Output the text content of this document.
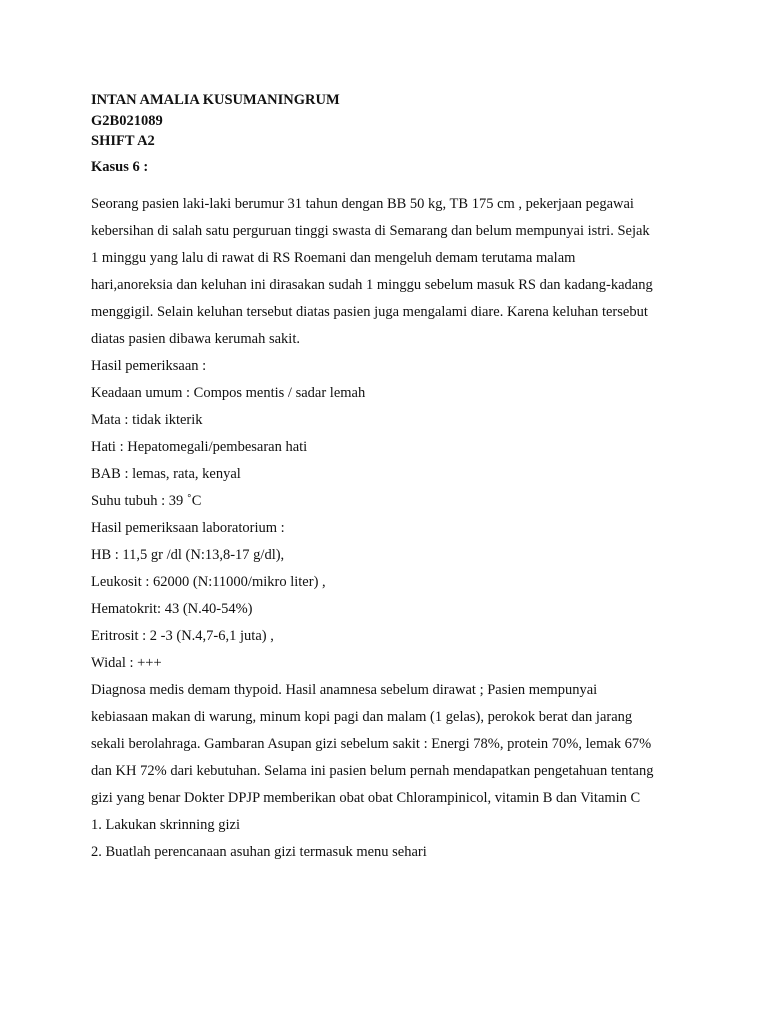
INTAN AMALIA KUSUMANINGRUM
G2B021089
SHIFT A2
Kasus 6 :
Seorang pasien laki-laki berumur 31 tahun dengan BB 50 kg, TB 175 cm , pekerjaan pegawai
kebersihan di salah satu perguruan tinggi swasta di Semarang dan belum mempunyai istri. Sejak
1 minggu yang lalu di rawat di RS Roemani dan mengeluh demam terutama malam
hari,anoreksia dan keluhan ini dirasakan sudah 1 minggu sebelum masuk RS dan kadang-kadang
menggigil. Selain keluhan tersebut diatas pasien juga mengalami diare. Karena keluhan tersebut
diatas pasien dibawa kerumah sakit.
Hasil pemeriksaan :
Keadaan umum : Compos mentis / sadar lemah
Mata : tidak ikterik
Hati : Hepatomegali/pembesaran hati
BAB : lemas, rata, kenyal
Suhu tubuh : 39 ˚C
Hasil pemeriksaan laboratorium :
HB : 11,5 gr /dl (N:13,8-17 g/dl),
Leukosit : 62000 (N:11000/mikro liter) ,
Hematokrit: 43 (N.40-54%)
Eritrosit : 2 -3 (N.4,7-6,1 juta) ,
Widal : +++
Diagnosa medis demam thypoid. Hasil anamnesa sebelum dirawat ; Pasien mempunyai
kebiasaan makan di warung, minum kopi pagi dan malam (1 gelas), perokok berat dan jarang
sekali berolahraga. Gambaran Asupan gizi sebelum sakit : Energi 78%, protein 70%, lemak 67%
dan KH 72% dari kebutuhan. Selama ini pasien belum pernah mendapatkan pengetahuan tentang
gizi yang benar Dokter DPJP memberikan obat obat Chlorampinicol, vitamin B dan Vitamin C
1. Lakukan skrinning gizi
2. Buatlah perencanaan asuhan gizi termasuk menu sehari
